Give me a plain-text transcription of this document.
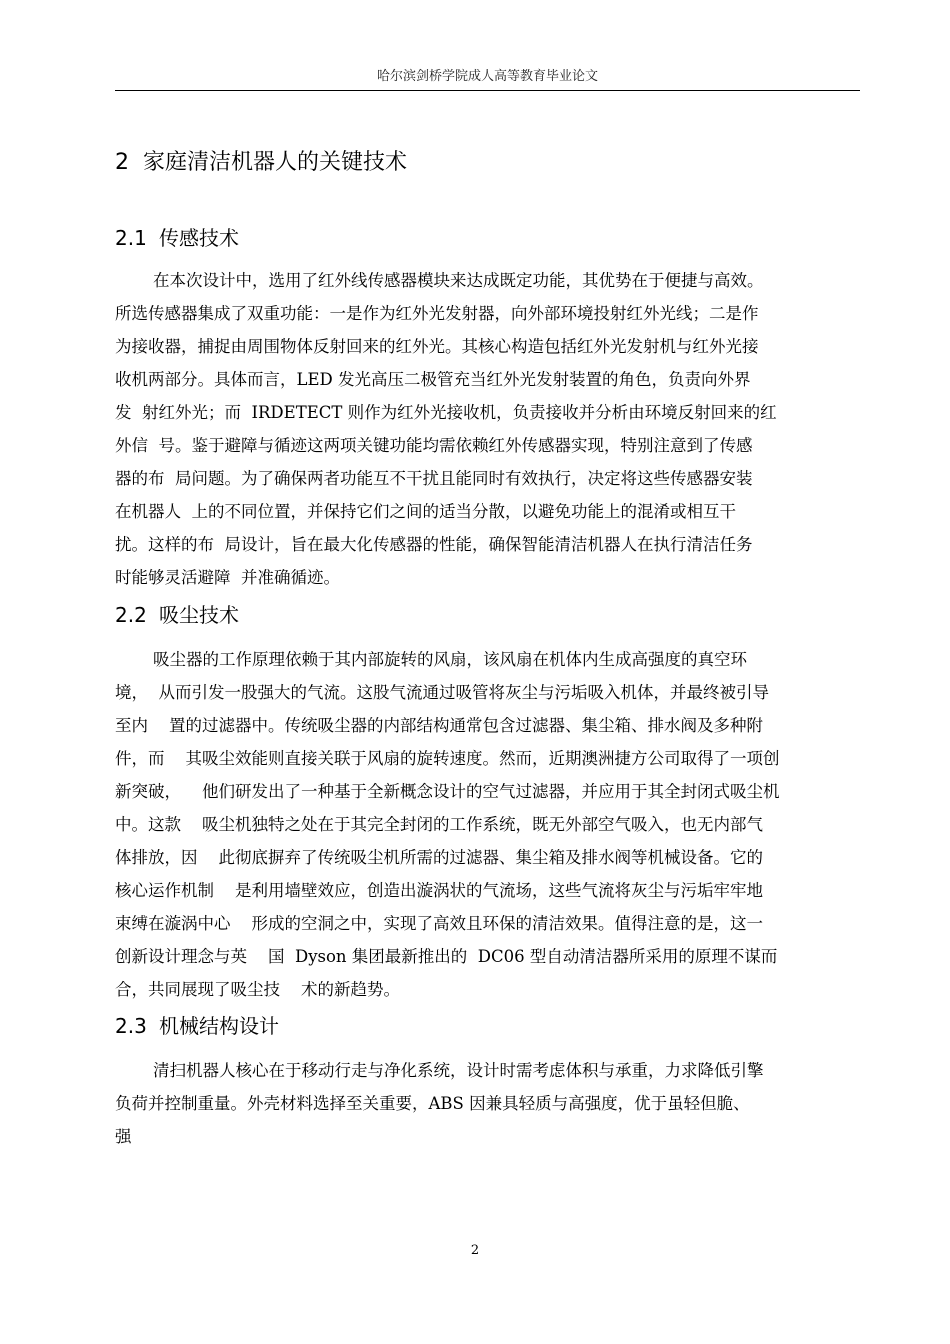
哈尔滨剑桥学院成人高等教育毕业论文
2 家庭清洁机器人的关键技术
2.1 传感技术
在本次设计中，选用了红外线传感器模块来达成既定功能，其优势在于便捷与高效。
所选传感器集成了双重功能：一是作为红外光发射器，向外部环境投射红外光线；二是作
为接收器，捕捉由周围物体反射回来的红外光。其核心构造包括红外光发射机与红外光接
收机两部分。具体而言，LED 发光高压二极管充当红外光发射装置的角色，负责向外界
发  射红外光；而  IRDETECT 则作为红外光接收机，负责接收并分析由环境反射回来的红
外信  号。鉴于避障与循迹这两项关键功能均需依赖红外传感器实现，特别注意到了传感
器的布  局问题。为了确保两者功能互不干扰且能同时有效执行，决定将这些传感器安装
在机器人  上的不同位置，并保持它们之间的适当分散，以避免功能上的混淆或相互干
扰。这样的布  局设计，旨在最大化传感器的性能，确保智能清洁机器人在执行清洁任务
时能够灵活避障  并准确循迹。
2.2 吸尘技术
吸尘器的工作原理依赖于其内部旋转的风扇，该风扇在机体内生成高强度的真空环
境，  从而引发一股强大的气流。这股气流通过吸管将灰尘与污垢吸入机体，并最终被引导
至内    置的过滤器中。传统吸尘器的内部结构通常包含过滤器、集尘箱、排水阀及多种附
件，而    其吸尘效能则直接关联于风扇的旋转速度。然而，近期澳洲捷方公司取得了一项创
新突破，    他们研发出了一种基于全新概念设计的空气过滤器，并应用于其全封闭式吸尘机
中。这款    吸尘机独特之处在于其完全封闭的工作系统，既无外部空气吸入，也无内部气
体排放，因    此彻底摒弃了传统吸尘机所需的过滤器、集尘箱及排水阀等机械设备。它的
核心运作机制    是利用墙壁效应，创造出漩涡状的气流场，这些气流将灰尘与污垢牢牢地
束缚在漩涡中心    形成的空洞之中，实现了高效且环保的清洁效果。值得注意的是，这一
创新设计理念与英    国  Dyson 集团最新推出的  DC06 型自动清洁器所采用的原理不谋而
合，共同展现了吸尘技    术的新趋势。
2.3 机械结构设计
清扫机器人核心在于移动行走与净化系统，设计时需考虑体积与承重，力求降低引擎
负荷并控制重量。外壳材料选择至关重要，ABS 因兼具轻质与高强度，优于虽轻但脆、
强
2
